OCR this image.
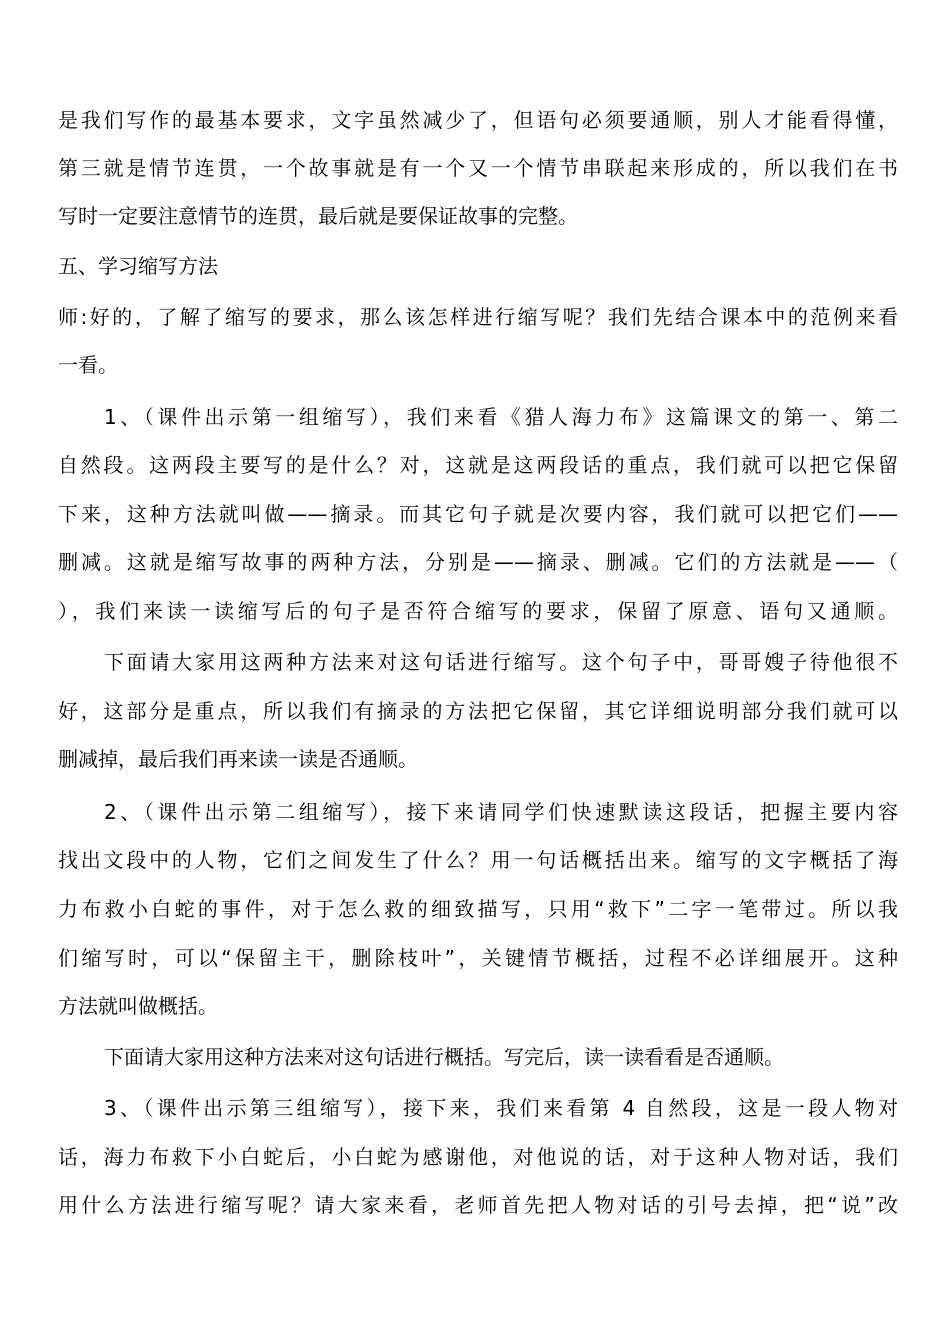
是我们写作的最基本要求，文字虽然减少了，但语句必须要通顺，别人才能看得懂，
第三就是情节连贯，一个故事就是有一个又一个情节串联起来形成的，所以我们在书
写时一定要注意情节的连贯，最后就是要保证故事的完整。
五、学习缩写方法
师:好的，了解了缩写的要求，那么该怎样进行缩写呢？我们先结合课本中的范例来看
一看。
1、（课件出示第一组缩写），我们来看《猎人海力布》这篇课文的第一、第二
自然段。这两段主要写的是什么？对，这就是这两段话的重点，我们就可以把它保留
下来，这种方法就叫做——摘录。而其它句子就是次要内容，我们就可以把它们——
删减。这就是缩写故事的两种方法，分别是——摘录、删减。它们的方法就是——（
），我们来读一读缩写后的句子是否符合缩写的要求，保留了原意、语句又通顺。
下面请大家用这两种方法来对这句话进行缩写。这个句子中，哥哥嫂子待他很不
好，这部分是重点，所以我们有摘录的方法把它保留，其它详细说明部分我们就可以
删减掉，最后我们再来读一读是否通顺。
2、（课件出示第二组缩写），接下来请同学们快速默读这段话，把握主要内容
找出文段中的人物，它们之间发生了什么？用一句话概括出来。缩写的文字概括了海
力布救小白蛇的事件，对于怎么救的细致描写，只用“救下”二字一笔带过。所以我
们缩写时，可以“保留主干，删除枝叶”，关键情节概括，过程不必详细展开。这种
方法就叫做概括。
下面请大家用这种方法来对这句话进行概括。写完后，读一读看看是否通顺。
3、（课件出示第三组缩写），接下来，我们来看第 4 自然段，这是一段人物对
话，海力布救下小白蛇后，小白蛇为感谢他，对他说的话，对于这种人物对话，我们
用什么方法进行缩写呢？请大家来看，老师首先把人物对话的引号去掉，把“说”改
